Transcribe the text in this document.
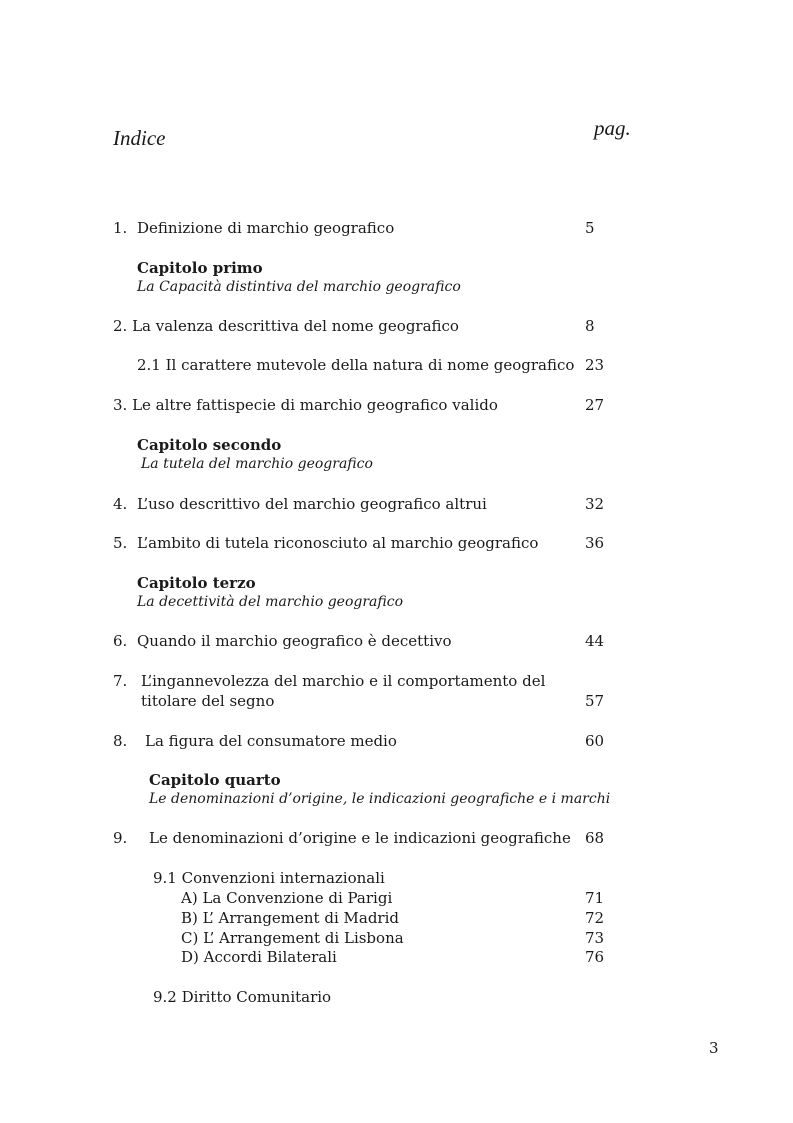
Indice	pag.
1. Definizione di marchio geografico	5
Capitolo primo
La Capacità distintiva del marchio geografico
2. La valenza descrittiva del nome geografico	8
2.1 Il carattere mutevole della natura di nome geografico 23
3. Le altre fattispecie di marchio geografico valido	27
Capitolo secondo
La tutela del marchio geografico
4. L’uso descrittivo del marchio geografico altrui	32
5. L’ambito di tutela riconosciuto al marchio geografico	36
Capitolo terzo
La decettività del marchio geografico
6. Quando il marchio geografico è decettivo	44
7. L’ingannevolezza del marchio e il comportamento del
titolare del segno	57
8. La figura del consumatore medio	60
Capitolo quarto
Le denominazioni d’origine, le indicazioni geografiche e i marchi
9. Le denominazioni d’origine e le indicazioni geografiche 68
9.1 Convenzioni internazionali
A) La Convenzione di Parigi	71
B) L’ Arrangement di Madrid	72
C) L’ Arrangement di Lisbona	73
D) Accordi Bilaterali	76
9.2 Diritto Comunitario
3
